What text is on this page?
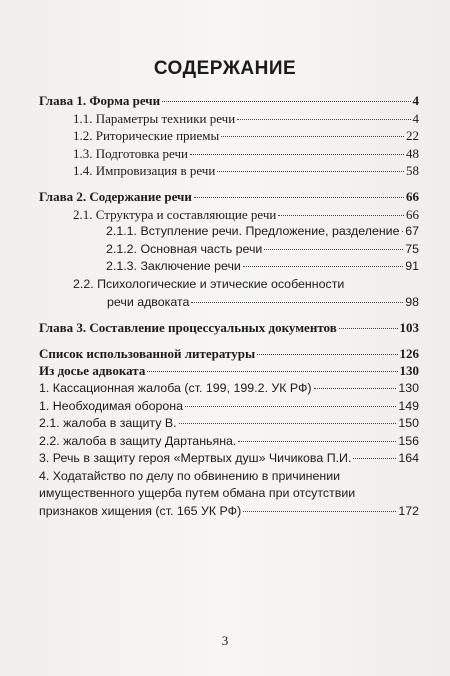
СОДЕРЖАНИЕ
Глава 1. Форма речи	4
1.1. Параметры техники речи	4
1.2. Риторические приемы	22
1.3. Подготовка речи	48
1.4. Импровизация в речи	58
Глава 2. Содержание речи	66
2.1. Структура и составляющие речи	66
2.1.1. Вступление речи. Предложение, разделение 67
2.1.2. Основная часть речи	75
2.1.3. Заключение речи	91
2.2. Психологические и этические особенности
речи адвоката	98
Глава 3. Составление процессуальных документов	103
Список использованной литературы	126
Из досье адвоката	130
1. Кассационная жалоба (ст. 199, 199.2. УК РФ)	130
1. Необходимая оборона	149
2.1. жалоба в защиту В.	150
2.2. жалоба в защиту Дартаньяна.	156
3. Речь в защиту героя «Мертвых душ» Чичикова П.И.	164
4. Ходатайство по делу по обвинению в причинении
имущественного ущерба путем обмана при отсутствии
признаков хищения (ст. 165 УК РФ)	172
3
